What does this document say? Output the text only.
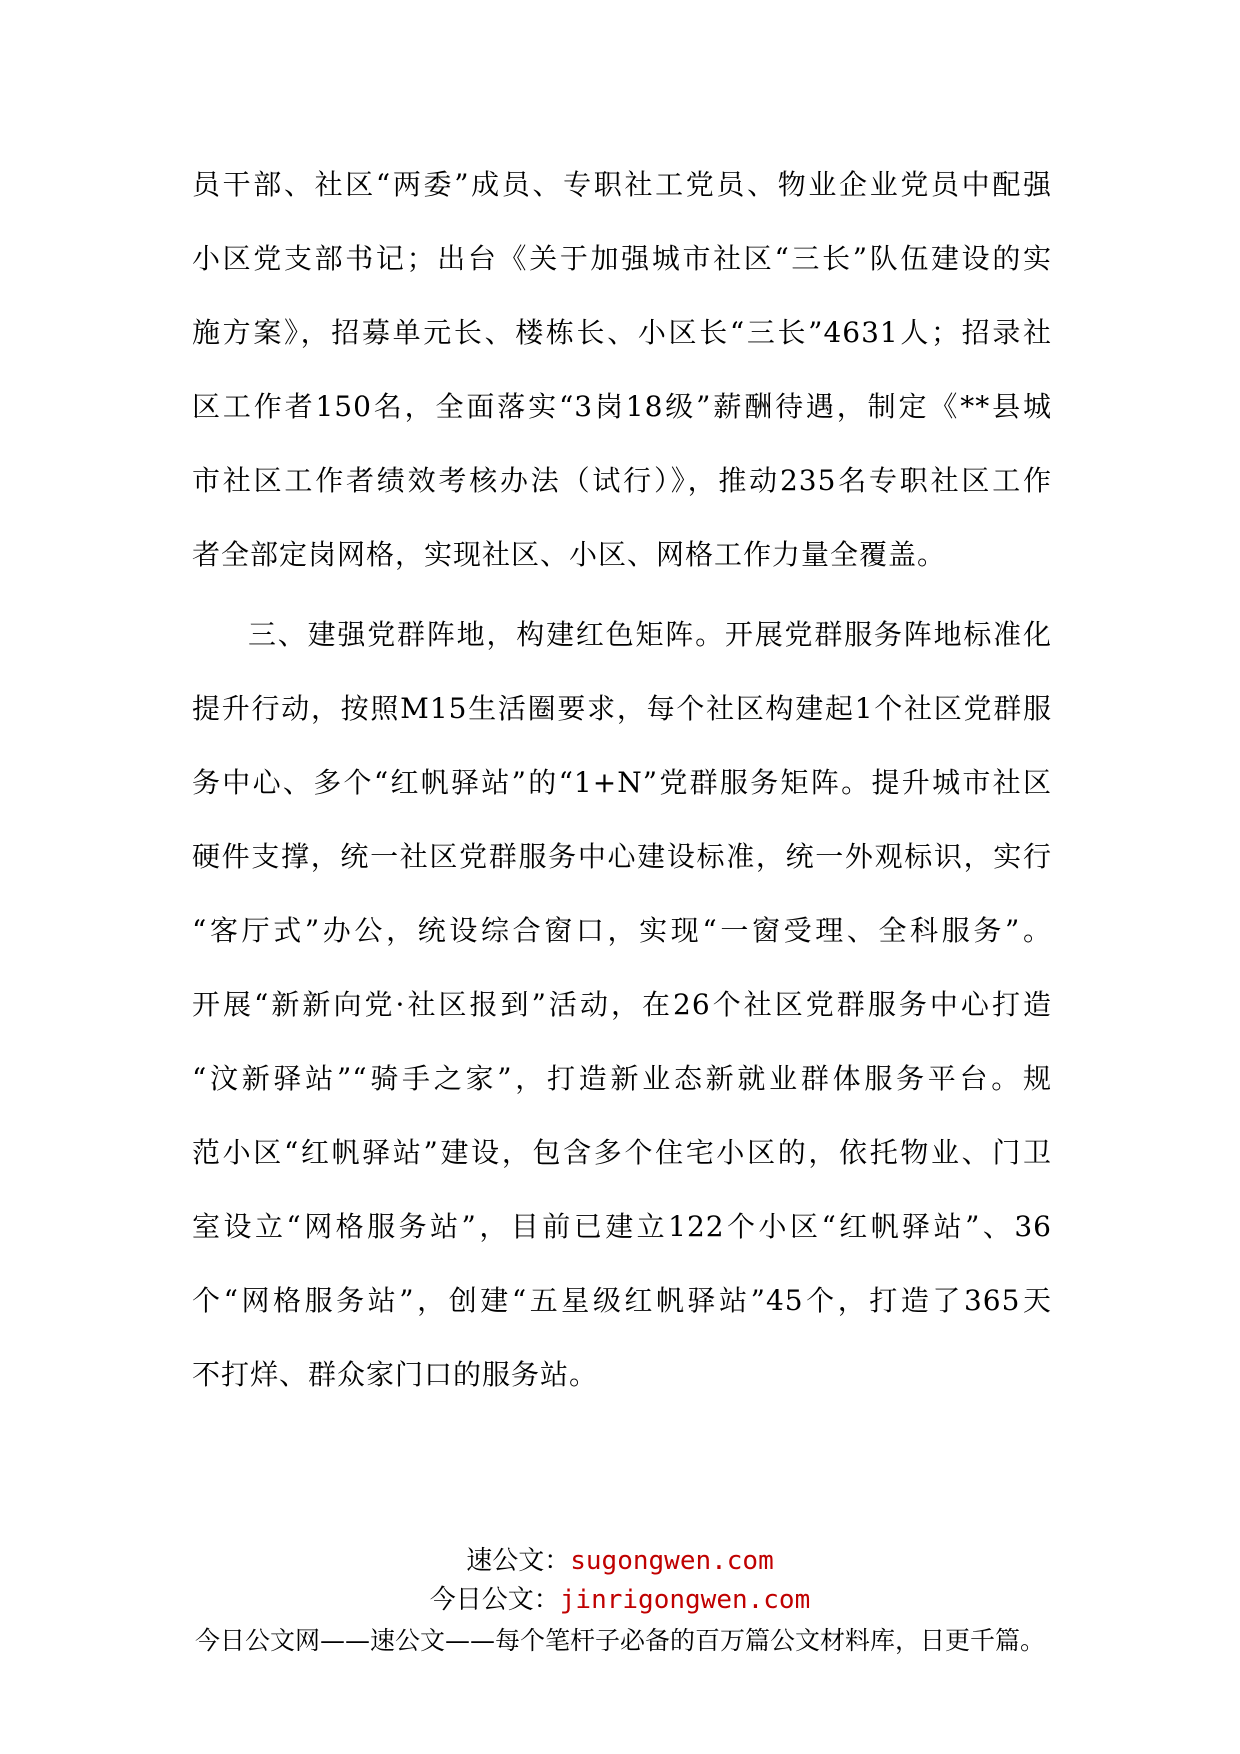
员干部、社区“两委”成员、专职社工党员、物业企业党员中配强
小区党支部书记；出台《关于加强城市社区“三长”队伍建设的实
施方案》，招募单元长、楼栋长、小区长“三长”4631人；招录社
区工作者150名，全面落实“3岗18级”薪酬待遇，制定《**县城
市社区工作者绩效考核办法（试行）》，推动235名专职社区工作
者全部定岗网格，实现社区、小区、网格工作力量全覆盖。
三、建强党群阵地，构建红色矩阵。开展党群服务阵地标准化
提升行动，按照M15生活圈要求，每个社区构建起1个社区党群服
务中心、多个“红帆驿站”的“1+N”党群服务矩阵。提升城市社区
硬件支撑，统一社区党群服务中心建设标准，统一外观标识，实行
“客厅式”办公，统设综合窗口，实现“一窗受理、全科服务”。
开展“新新向党·社区报到”活动，在26个社区党群服务中心打造
“汶新驿站”“骑手之家”，打造新业态新就业群体服务平台。规
范小区“红帆驿站”建设，包含多个住宅小区的，依托物业、门卫
室设立“网格服务站”，目前已建立122个小区“红帆驿站”、36
个“网格服务站”，创建“五星级红帆驿站”45个，打造了365天
不打烊、群众家门口的服务站。
速公文：sugongwen.com
今日公文：jinrigongwen.com
今日公文网——速公文——每个笔杆子必备的百万篇公文材料库，日更千篇。
